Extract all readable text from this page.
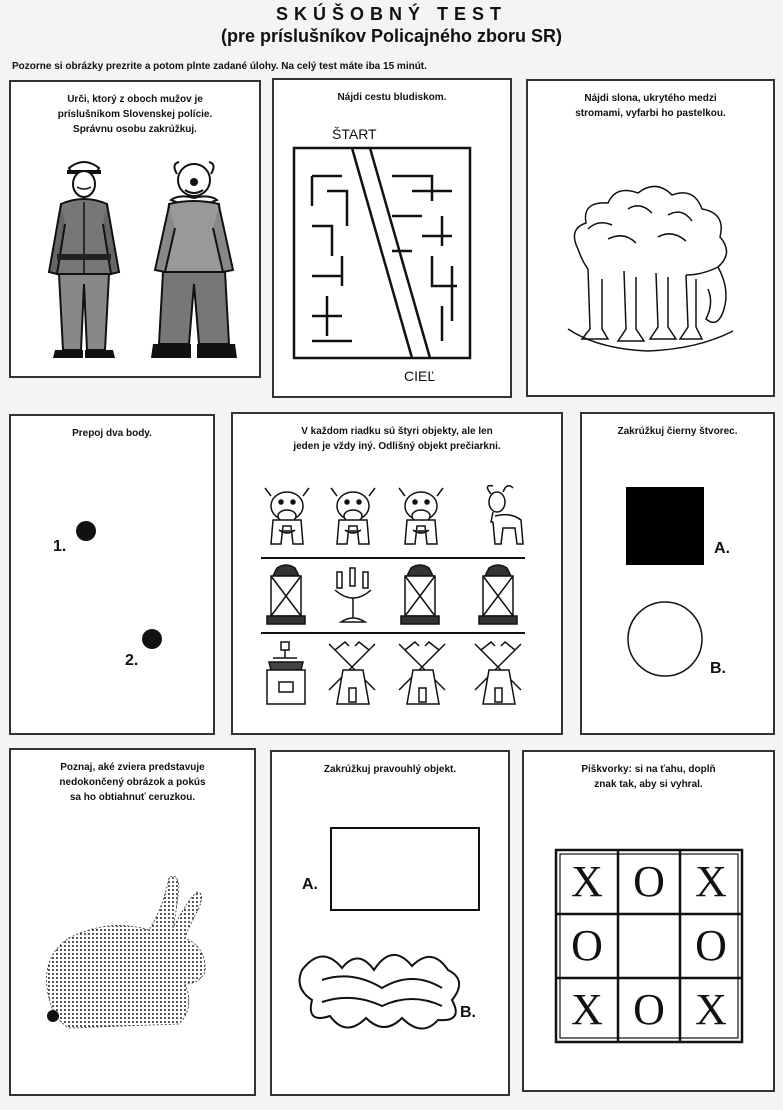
SKÚŠOBNÝ TEST
(pre príslušníkov Policajného zboru SR)
Pozorne si obrázky prezrite a potom plnte zadané úlohy. Na celý test máte iba 15 minút.
Urči, ktorý z oboch mužov je
príslušníkom Slovenskej polície.
Správnu osobu zakrúžkuj.
Nájdi cestu bludiskom.
ŠTART
CIEĽ
Nájdi slona, ukrytého medzi
stromami, vyfarbi ho pastelkou.
Prepoj dva body.
1.
2.
V každom riadku sú štyri objekty, ale len
jeden je vždy iný. Odlišný objekt prečiarkni.
Zakrúžkuj čierny štvorec.
A.
B.
Poznaj, aké zviera predstavuje
nedokončený obrázok a pokús
sa ho obtiahnuť ceruzkou.
Zakrúžkuj pravouhlý objekt.
A.
B.
Piškvorky: si na ťahu, doplň
znak tak, aby si vyhral.
X O X
O	O
X O X
